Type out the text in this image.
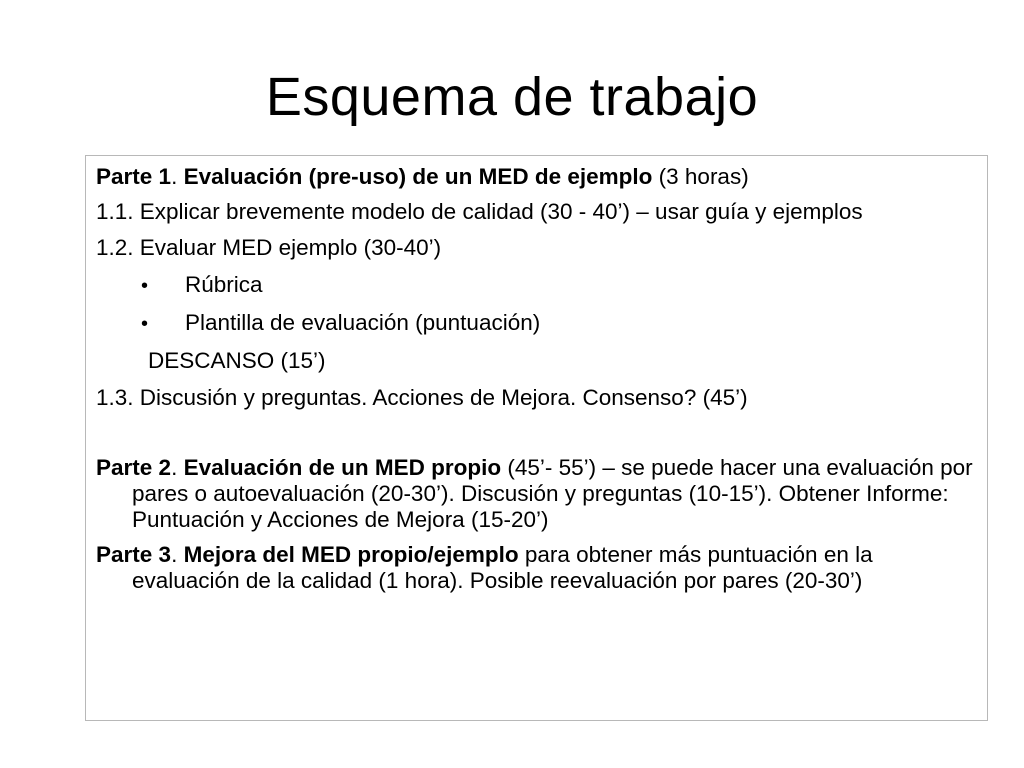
Esquema de trabajo
Parte 1. Evaluación (pre-uso) de un MED de ejemplo (3 horas)
1.1. Explicar brevemente modelo de calidad (30 - 40’) – usar guía y ejemplos
1.2. Evaluar MED ejemplo (30-40’)
•	Rúbrica
•	Plantilla de evaluación (puntuación)
DESCANSO (15’)
1.3. Discusión y preguntas. Acciones de Mejora. Consenso? (45’)
Parte 2. Evaluación de un MED propio (45’- 55’) – se puede hacer una evaluación por pares o autoevaluación (20-30’). Discusión y preguntas (10-15’). Obtener Informe: Puntuación y Acciones de Mejora (15-20’)
Parte 3. Mejora del MED propio/ejemplo para obtener más puntuación en la evaluación de la calidad (1 hora). Posible reevaluación por pares (20-30’)
